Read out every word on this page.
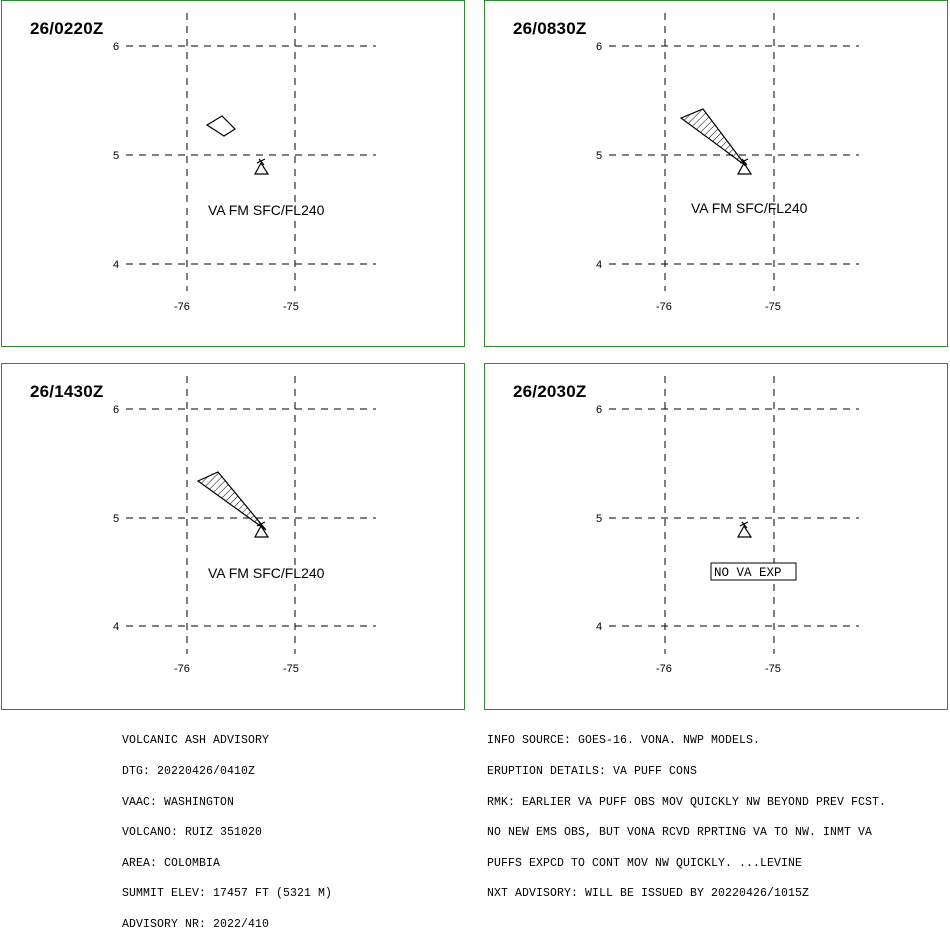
26/0220Z
6
5
4
-76	-75
VA FM SFC/FL240
26/0830Z
6
5
4
-76	-75
VA FM SFC/FL240
26/1430Z
6
5
4
-76	-75
VA FM SFC/FL240
26/2030Z
6
5
4
-76	-75
NO VA EXP

VOLCANIC ASH ADVISORY

DTG: 20220426/0410Z

VAAC: WASHINGTON

VOLCANO: RUIZ 351020

AREA: COLOMBIA

SUMMIT ELEV: 17457 FT (5321 M)

ADVISORY NR: 2022/410

INFO SOURCE: GOES-16. VONA. NWP MODELS.

ERUPTION DETAILS: VA PUFF CONS

RMK: EARLIER VA PUFF OBS MOV QUICKLY NW BEYOND PREV FCST.

NO NEW EMS OBS, BUT VONA RCVD RPRTING VA TO NW. INMT VA

PUFFS EXPCD TO CONT MOV NW QUICKLY. ...LEVINE

NXT ADVISORY: WILL BE ISSUED BY 20220426/1015Z
